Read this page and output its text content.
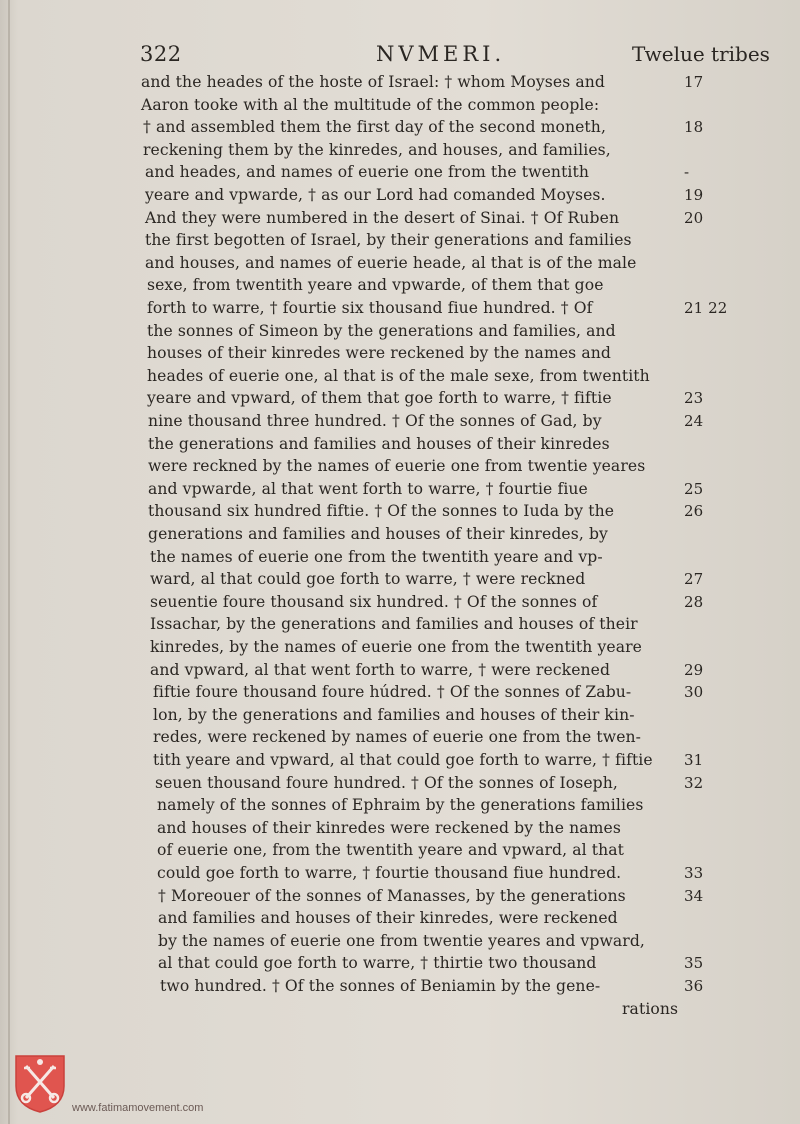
322	NVMERI.	Twelue tribes
and the heades of the hoste of Israel: † whom Moyses and	17
Aaron tooke with al the multitude of the common people:
† and assembled them the first day of the second moneth,	18
reckening them by the kinredes, and houses, and families,
and heades, and names of euerie one from the twentith	-
yeare and vpwarde, † as our Lord had comanded Moyses.	19
And they were numbered in the desert of Sinai. † Of Ruben	20
the first begotten of Israel, by their generations and families
and houses, and names of euerie heade, al that is of the male
sexe, from twentith yeare and vpwarde, of them that goe
forth to warre, † fourtie six thousand fiue hundred. † Of	21 22
the sonnes of Simeon by the generations and families, and
houses of their kinredes were reckened by the names and
heades of euerie one, al that is of the male sexe, from twentith
yeare and vpward, of them that goe forth to warre, † fiftie	23
nine thousand three hundred. † Of the sonnes of Gad, by	24
the generations and families and houses of their kinredes
were reckned by the names of euerie one from twentie yeares
and vpwarde, al that went forth to warre, † fourtie fiue	25
thousand six hundred fiftie. † Of the sonnes to Iuda by the	26
generations and families and houses of their kinredes, by
the names of euerie one from the twentith yeare and vp-
ward, al that could goe forth to warre, † were reckned	27
seuentie foure thousand six hundred. † Of the sonnes of	28
Issachar, by the generations and families and houses of their
kinredes, by the names of euerie one from the twentith yeare
and vpward, al that went forth to warre, † were reckened	29
fiftie foure thousand foure húdred. † Of the sonnes of Zabu-	30
lon, by the generations and families and houses of their kin-
redes, were reckened by names of euerie one from the twen-
tith yeare and vpward, al that could goe forth to warre, † fiftie 31
seuen thousand foure hundred. † Of the sonnes of Ioseph,	32
namely of the sonnes of Ephraim by the generations families
and houses of their kinredes were reckened by the names
of euerie one, from the twentith yeare and vpward, al that
could goe forth to warre, † fourtie thousand fiue hundred.	33
† Moreouer of the sonnes of Manasses, by the generations	34
and families and houses of their kinredes, were reckened
by the names of euerie one from twentie yeares and vpward,
al that could goe forth to warre, † thirtie two thousand	35
two hundred. † Of the sonnes of Beniamin by the gene-	36
rations
www.fatimamovement.com
